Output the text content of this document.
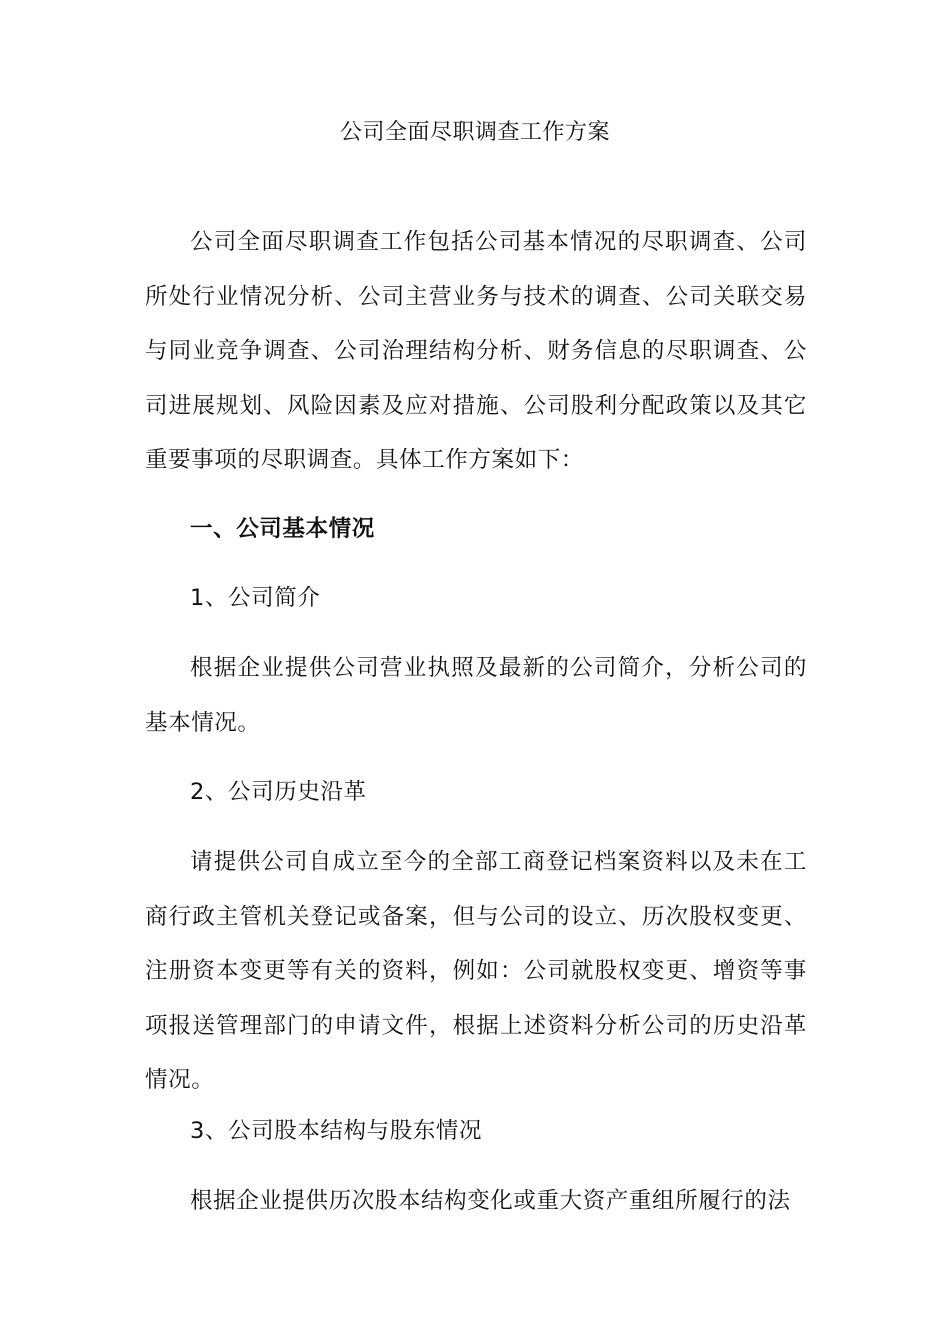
公司全面尽职调查工作方案

公司全面尽职调查工作包括公司基本情况的尽职调查、公司所处行业情况分析、公司主营业务与技术的调查、公司关联交易与同业竞争调查、公司治理结构分析、财务信息的尽职调查、公司进展规划、风险因素及应对措施、公司股利分配政策以及其它重要事项的尽职调查。具体工作方案如下：

一、公司基本情况

1、公司简介

根据企业提供公司营业执照及最新的公司简介，分析公司的基本情况。

2、公司历史沿革

请提供公司自成立至今的全部工商登记档案资料以及未在工商行政主管机关登记或备案，但与公司的设立、历次股权变更、注册资本变更等有关的资料，例如：公司就股权变更、增资等事项报送管理部门的申请文件，根据上述资料分析公司的历史沿革情况。

3、公司股本结构与股东情况

根据企业提供历次股本结构变化或重大资产重组所履行的法
